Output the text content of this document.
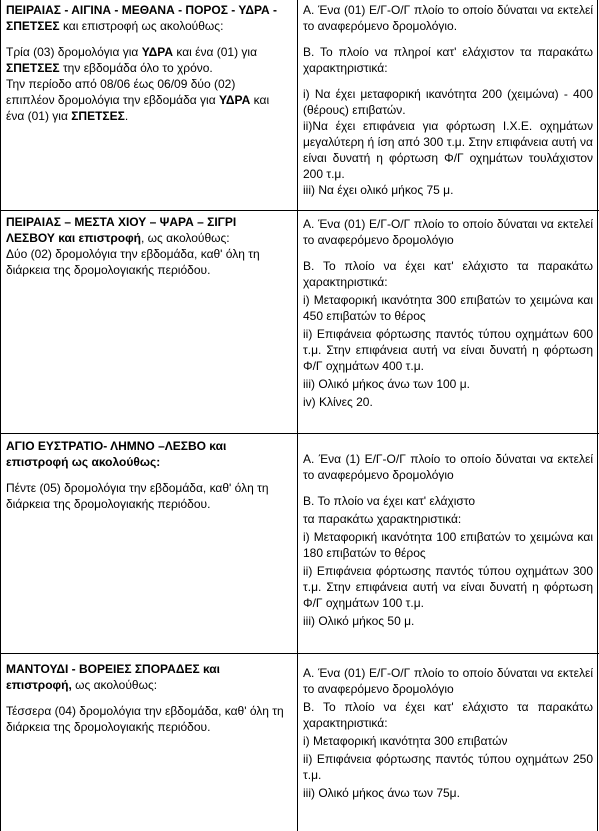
ΠΕΙΡΑΙΑΣ - ΑΙΓΙΝΑ - ΜΕΘΑΝΑ - ΠΟΡΟΣ - ΥΔΡΑ - ΣΠΕΤΣΕΣ και επιστροφή ως ακολούθως:

Τρία (03) δρομολόγια για ΥΔΡΑ και ένα (01) για ΣΠΕΤΣΕΣ την εβδομάδα όλο το χρόνο.

Την περίοδο από 08/06 έως 06/09 δύο (02) επιπλέον δρομολόγια την εβδομάδα για ΥΔΡΑ και ένα (01) για ΣΠΕΤΣΕΣ.

Α. Ένα (01) Ε/Γ-Ο/Γ πλοίο το οποίο δύναται να εκτελεί το αναφερόμενο δρομολόγιο.

Β. Το πλοίο να πληροί κατ' ελάχιστον τα παρακάτω χαρακτηριστικά:

i) Να έχει μεταφορική ικανότητα 200 (χειμώνα) - 400 (θέρους) επιβατών.

ii)Να έχει επιφάνεια για φόρτωση Ι.Χ.Ε. οχημάτων μεγαλύτερη ή ίση από 300 τ.μ. Στην επιφάνεια αυτή να είναι δυνατή η φόρτωση Φ/Γ οχημάτων τουλάχιστον 200 τ.μ.

iii) Να έχει ολικό μήκος 75 μ.

ΠΕΙΡΑΙΑΣ – ΜΕΣΤΑ ΧΙΟΥ – ΨΑΡΑ – ΣΙΓΡΙ ΛΕΣΒΟΥ και επιστροφή, ως ακολούθως:

Δύο (02) δρομολόγια την εβδομάδα, καθ' όλη τη διάρκεια της δρομολογιακής περιόδου.

Α. Ένα (01) Ε/Γ-Ο/Γ πλοίο το οποίο δύναται να εκτελεί το αναφερόμενο δρομολόγιο

Β. Το πλοίο να έχει κατ' ελάχιστο τα παρακάτω χαρακτηριστικά:

i) Μεταφορική ικανότητα 300 επιβατών το χειμώνα και 450 επιβατών το θέρος

ii) Επιφάνεια φόρτωσης παντός τύπου οχημάτων 600 τ.μ. Στην επιφάνεια αυτή να είναι δυνατή η φόρτωση Φ/Γ οχημάτων 400 τ.μ.

iii) Ολικό μήκος άνω των 100 μ.

iv) Κλίνες 20.

ΑΓΙΟ ΕΥΣΤΡΑΤΙΟ- ΛΗΜΝΟ –ΛΕΣΒΟ και επιστροφή ως ακολούθως:

Πέντε (05) δρομολόγια την εβδομάδα, καθ' όλη τη διάρκεια της δρομολογιακής περιόδου.

Α. Ένα (1) Ε/Γ-Ο/Γ πλοίο το οποίο δύναται να εκτελεί το αναφερόμενο δρομολόγιο

Β. Το πλοίο να έχει κατ' ελάχιστο

τα παρακάτω χαρακτηριστικά:

i) Μεταφορική ικανότητα 100 επιβατών το χειμώνα και 180 επιβατών το θέρος

ii) Επιφάνεια φόρτωσης παντός τύπου οχημάτων 300 τ.μ. Στην επιφάνεια αυτή να είναι δυνατή η φόρτωση Φ/Γ οχημάτων 100 τ.μ.

iii) Ολικό μήκος 50 μ.

ΜΑΝΤΟΥΔΙ - ΒΟΡΕΙΕΣ ΣΠΟΡΑΔΕΣ και επιστροφή, ως ακολούθως:

Τέσσερα (04) δρομολόγια την εβδομάδα, καθ' όλη τη διάρκεια της δρομολογιακής περιόδου.

Α. Ένα (01) Ε/Γ-Ο/Γ πλοίο το οποίο δύναται να εκτελεί το αναφερόμενο δρομολόγιο

Β. Το πλοίο να έχει κατ' ελάχιστο τα παρακάτω χαρακτηριστικά:

i) Μεταφορική ικανότητα 300 επιβατών

ii) Επιφάνεια φόρτωσης παντός τύπου οχημάτων 250 τ.μ.

iii) Ολικό μήκος άνω των 75μ.
